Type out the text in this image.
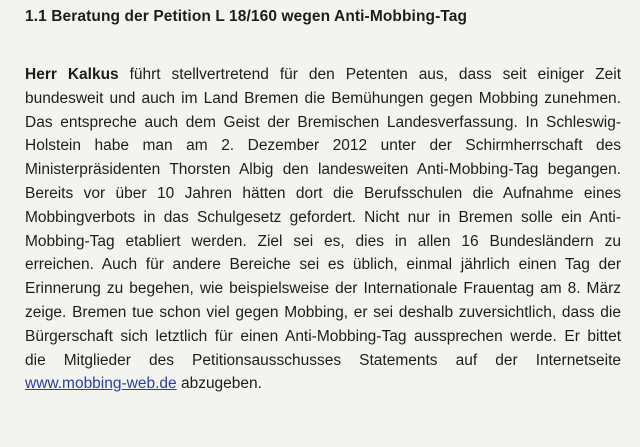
1.1 Beratung der Petition L 18/160 wegen Anti-Mobbing-Tag
Herr Kalkus führt stellvertretend für den Petenten aus, dass seit einiger Zeit
bundesweit und auch im Land Bremen die Bemühungen gegen Mobbing zunehmen.
Das entspreche auch dem Geist der Bremischen Landesverfassung. In Schleswig-
Holstein habe man am 2. Dezember 2012 unter der Schirmherrschaft des
Ministerpräsidenten Thorsten Albig den landesweiten Anti-Mobbing-Tag begangen.
Bereits vor über 10 Jahren hätten dort die Berufsschulen die Aufnahme eines
Mobbingverbots in das Schulgesetz gefordert. Nicht nur in Bremen solle ein Anti-
Mobbing-Tag etabliert werden. Ziel sei es, dies in allen 16 Bundesländern zu
erreichen. Auch für andere Bereiche sei es üblich, einmal jährlich einen Tag der
Erinnerung zu begehen, wie beispielsweise der Internationale Frauentag am 8. März
zeige. Bremen tue schon viel gegen Mobbing, er sei deshalb zuversichtlich, dass die
Bürgerschaft sich letztlich für einen Anti-Mobbing-Tag aussprechen werde. Er bittet
die Mitglieder des Petitionsausschusses Statements auf der Internetseite
www.mobbing-web.de abzugeben.
